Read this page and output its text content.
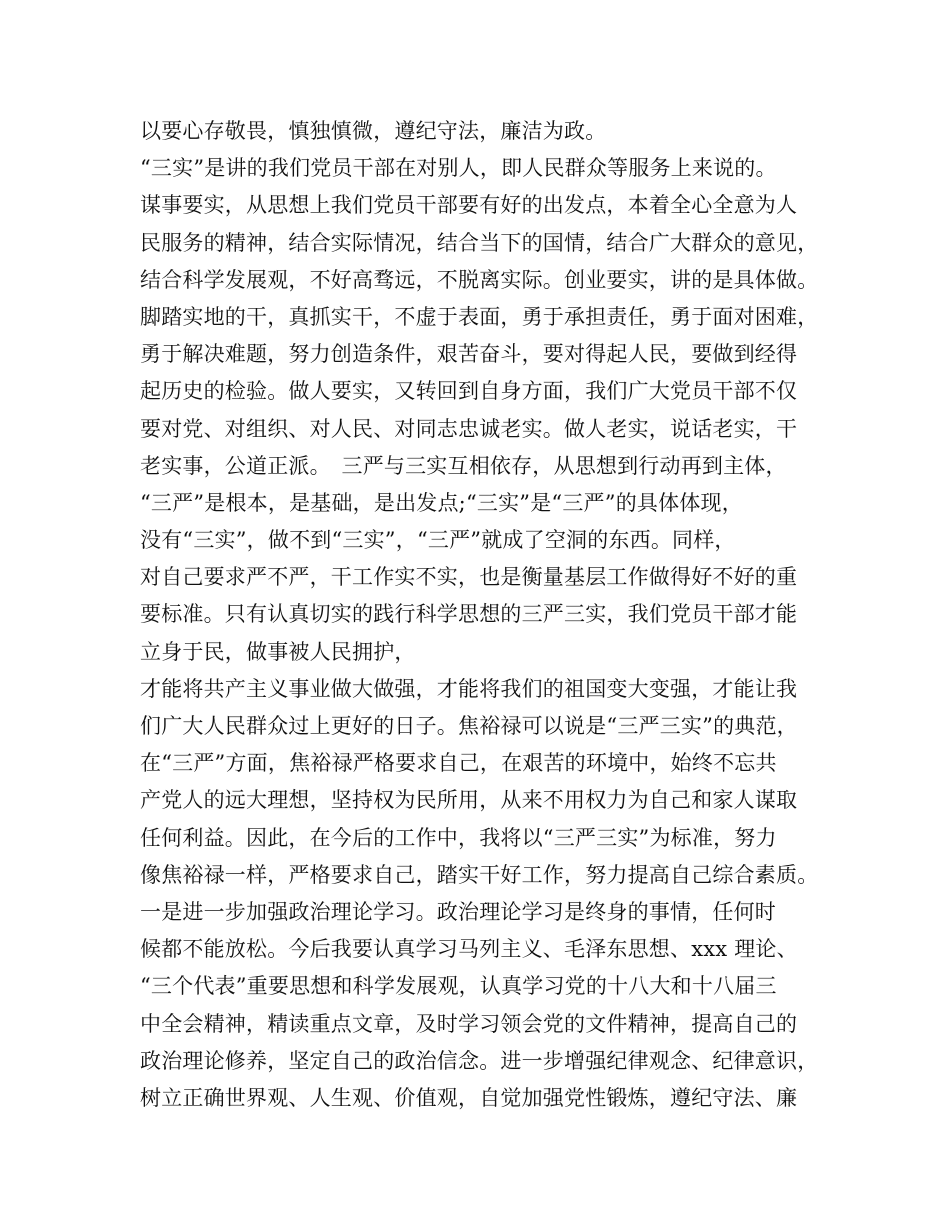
以要心存敬畏，慎独慎微，遵纪守法，廉洁为政。
“三实”是讲的我们党员干部在对别人，即人民群众等服务上来说的。
谋事要实，从思想上我们党员干部要有好的出发点，本着全心全意为人
民服务的精神，结合实际情况，结合当下的国情，结合广大群众的意见，
结合科学发展观，不好高骛远，不脱离实际。创业要实，讲的是具体做。
脚踏实地的干，真抓实干，不虚于表面，勇于承担责任，勇于面对困难，
勇于解决难题，努力创造条件，艰苦奋斗，要对得起人民，要做到经得
起历史的检验。做人要实，又转回到自身方面，我们广大党员干部不仅
要对党、对组织、对人民、对同志忠诚老实。做人老实，说话老实，干
老实事，公道正派。　三严与三实互相依存，从思想到行动再到主体，
“三严”是根本，是基础，是出发点;“三实”是“三严”的具体体现，
没有“三实”，做不到“三实”，“三严”就成了空洞的东西。同样，
对自己要求严不严，干工作实不实，也是衡量基层工作做得好不好的重
要标准。只有认真切实的践行科学思想的三严三实，我们党员干部才能
立身于民，做事被人民拥护，
才能将共产主义事业做大做强，才能将我们的祖国变大变强，才能让我
们广大人民群众过上更好的日子。焦裕禄可以说是“三严三实”的典范，
在“三严”方面，焦裕禄严格要求自己，在艰苦的环境中，始终不忘共
产党人的远大理想，坚持权为民所用，从来不用权力为自己和家人谋取
任何利益。因此，在今后的工作中，我将以“三严三实”为标准，努力
像焦裕禄一样，严格要求自己，踏实干好工作，努力提高自己综合素质。
一是进一步加强政治理论学习。政治理论学习是终身的事情，任何时
候都不能放松。今后我要认真学习马列主义、毛泽东思想、xxx 理论、
“三个代表”重要思想和科学发展观，认真学习党的十八大和十八届三
中全会精神，精读重点文章，及时学习领会党的文件精神，提高自己的
政治理论修养，坚定自己的政治信念。进一步增强纪律观念、纪律意识，
树立正确世界观、人生观、价值观，自觉加强党性锻炼，遵纪守法、廉
